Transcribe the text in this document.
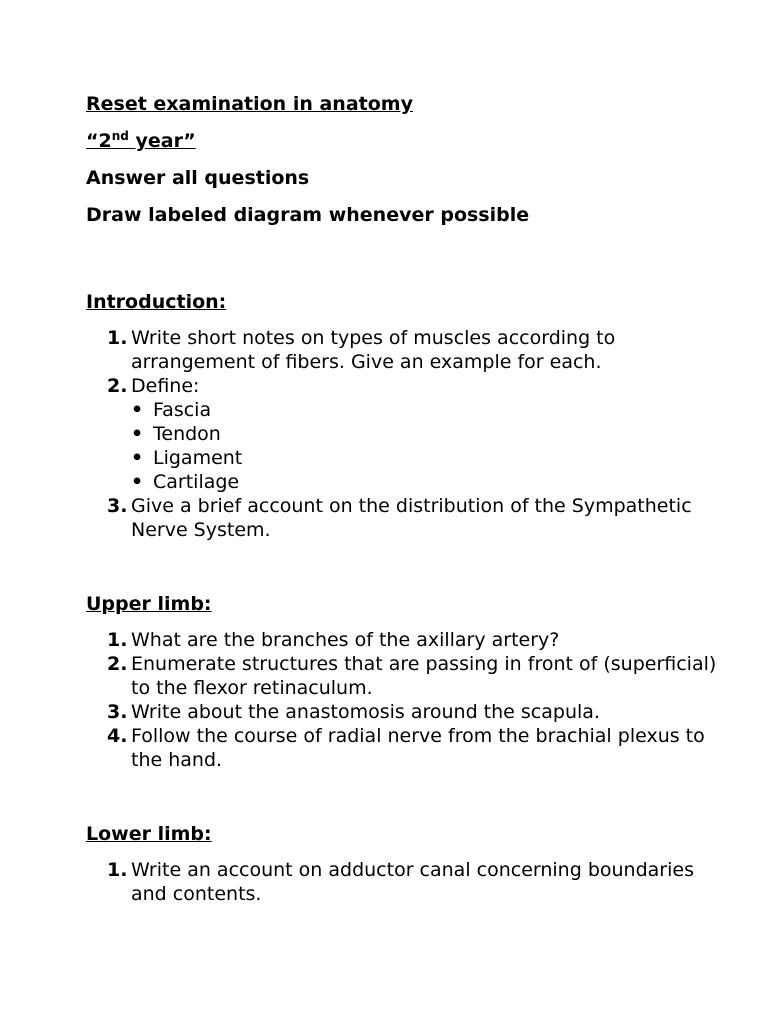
Reset examination in anatomy
“2nd year”
Answer all questions
Draw labeled diagram whenever possible
Introduction:
1. Write short notes on types of muscles according to arrangement of fibers. Give an example for each.
2. Define:
• Fascia
• Tendon
• Ligament
• Cartilage
3. Give a brief account on the distribution of the Sympathetic Nerve System.
Upper limb:
1. What are the branches of the axillary artery?
2. Enumerate structures that are passing in front of (superficial) to the flexor retinaculum.
3. Write about the anastomosis around the scapula.
4. Follow the course of radial nerve from the brachial plexus to the hand.
Lower limb:
1. Write an account on adductor canal concerning boundaries and contents.
